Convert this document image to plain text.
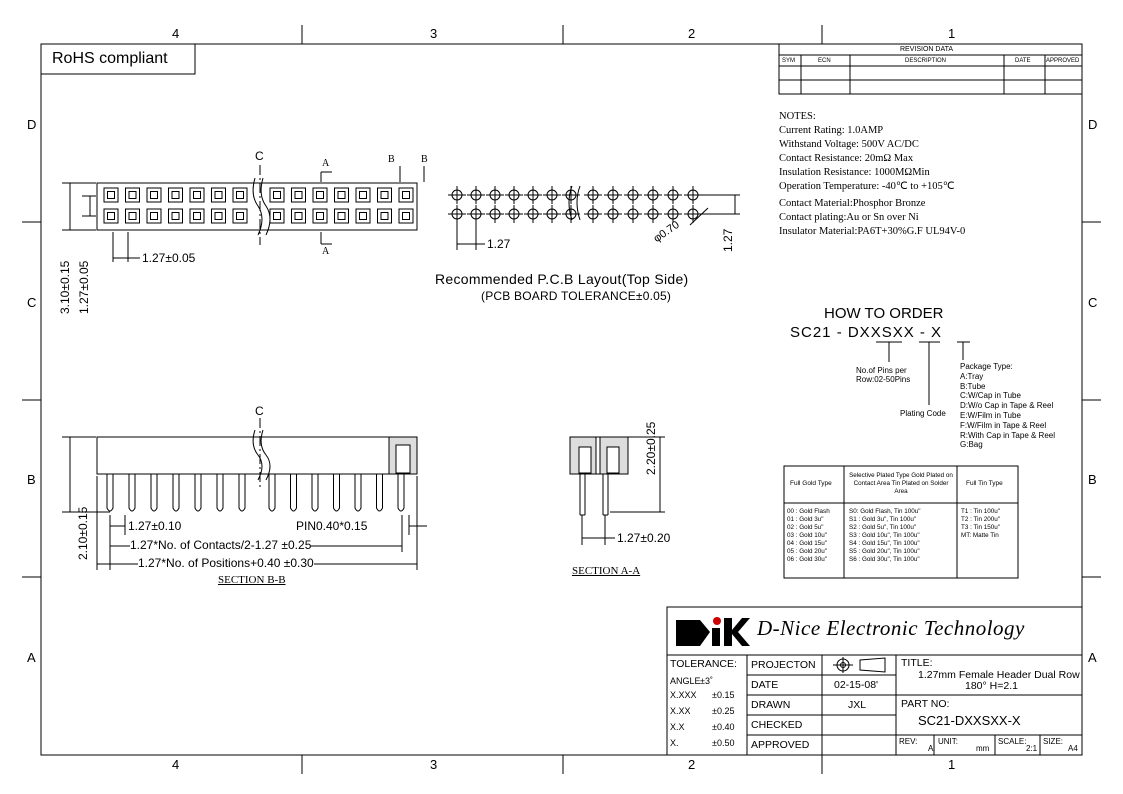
4	3	2	1
4	3	2	1
D
C
B
A
D
C
B
A
RoHS compliant
REVISION DATA
SYM	ECN	DESCRIPTION	DATE	APPROVED
NOTES:
Current Rating: 1.0AMP
Withstand Voltage: 500V AC/DC
Contact Resistance: 20mΩ Max
Insulation Resistance: 1000MΩMin
Operation Temperature: -40℃ to +105℃
Contact Material:Phosphor Bronze
Contact plating:Au or Sn over Ni
Insulator Material:PA6T+30%G.F UL94V-0
C
A
A
B	B
1.27±0.05
3.10±0.15 1.27±0.05
1.27	1.27
φ0.70
Recommended P.C.B Layout(Top Side)
(PCB BOARD TOLERANCE±0.05)
HOW TO ORDER
SC21 - DXXSXX - X
No.of Pins per Row:02-50Pins
Plating Code
Package Type:
A:Tray
B:Tube
C:W/Cap in Tube
D:W/o Cap in Tape & Reel
E:W/Film in Tube
F:W/Film in Tape & Reel
R:With Cap in Tape & Reel
G:Bag
Full Gold Type
Selective Plated Type Gold Plated on Contact Area Tin Plated on Solder Area
Full Tin Type
00 : Gold Flash
01 : Gold 3u"
02 : Gold 5u"
03 : Gold 10u"
04 : Gold 15u"
05 : Gold 20u"
06 : Gold 30u"
S0: Gold Flash, Tin 100u"
S1 : Gold 3u", Tin 100u"
S2 : Gold 5u", Tin 100u"
S3 : Gold 10u", Tin 100u"
S4 : Gold 15u", Tin 100u"
S5 : Gold 20u", Tin 100u"
S6 : Gold 30u", Tin 100u"
T1 : Tin 100u"
T2 : Tin 200u"
T3 : Tin 150u"
MT: Matte Tin
C
2.10±0.15	1.27±0.10	PIN0.40*0.15
1.27*No. of Contacts/2-1.27 ±0.25
1.27*No. of Positions+0.40 ±0.30
SECTION B-B
2.20±0.25
1.27±0.20
SECTION A-A
D-Nice Electronic Technology
TOLERANCE:
ANGLE ±3˚
X.XXX ±0.15
X.XX ±0.25
X.X	±0.40
X.	±0.50
PROJECTON
DATE	02-15-08'
DRAWN	JXL
CHECKED
APPROVED
TITLE:
1.27mm Female Header Dual Row
180° H=2.1
PART NO:
SC21-DXXSXX-X
REV:
A
UNIT:
mm
SCALE:
2:1
SIZE:
A4
